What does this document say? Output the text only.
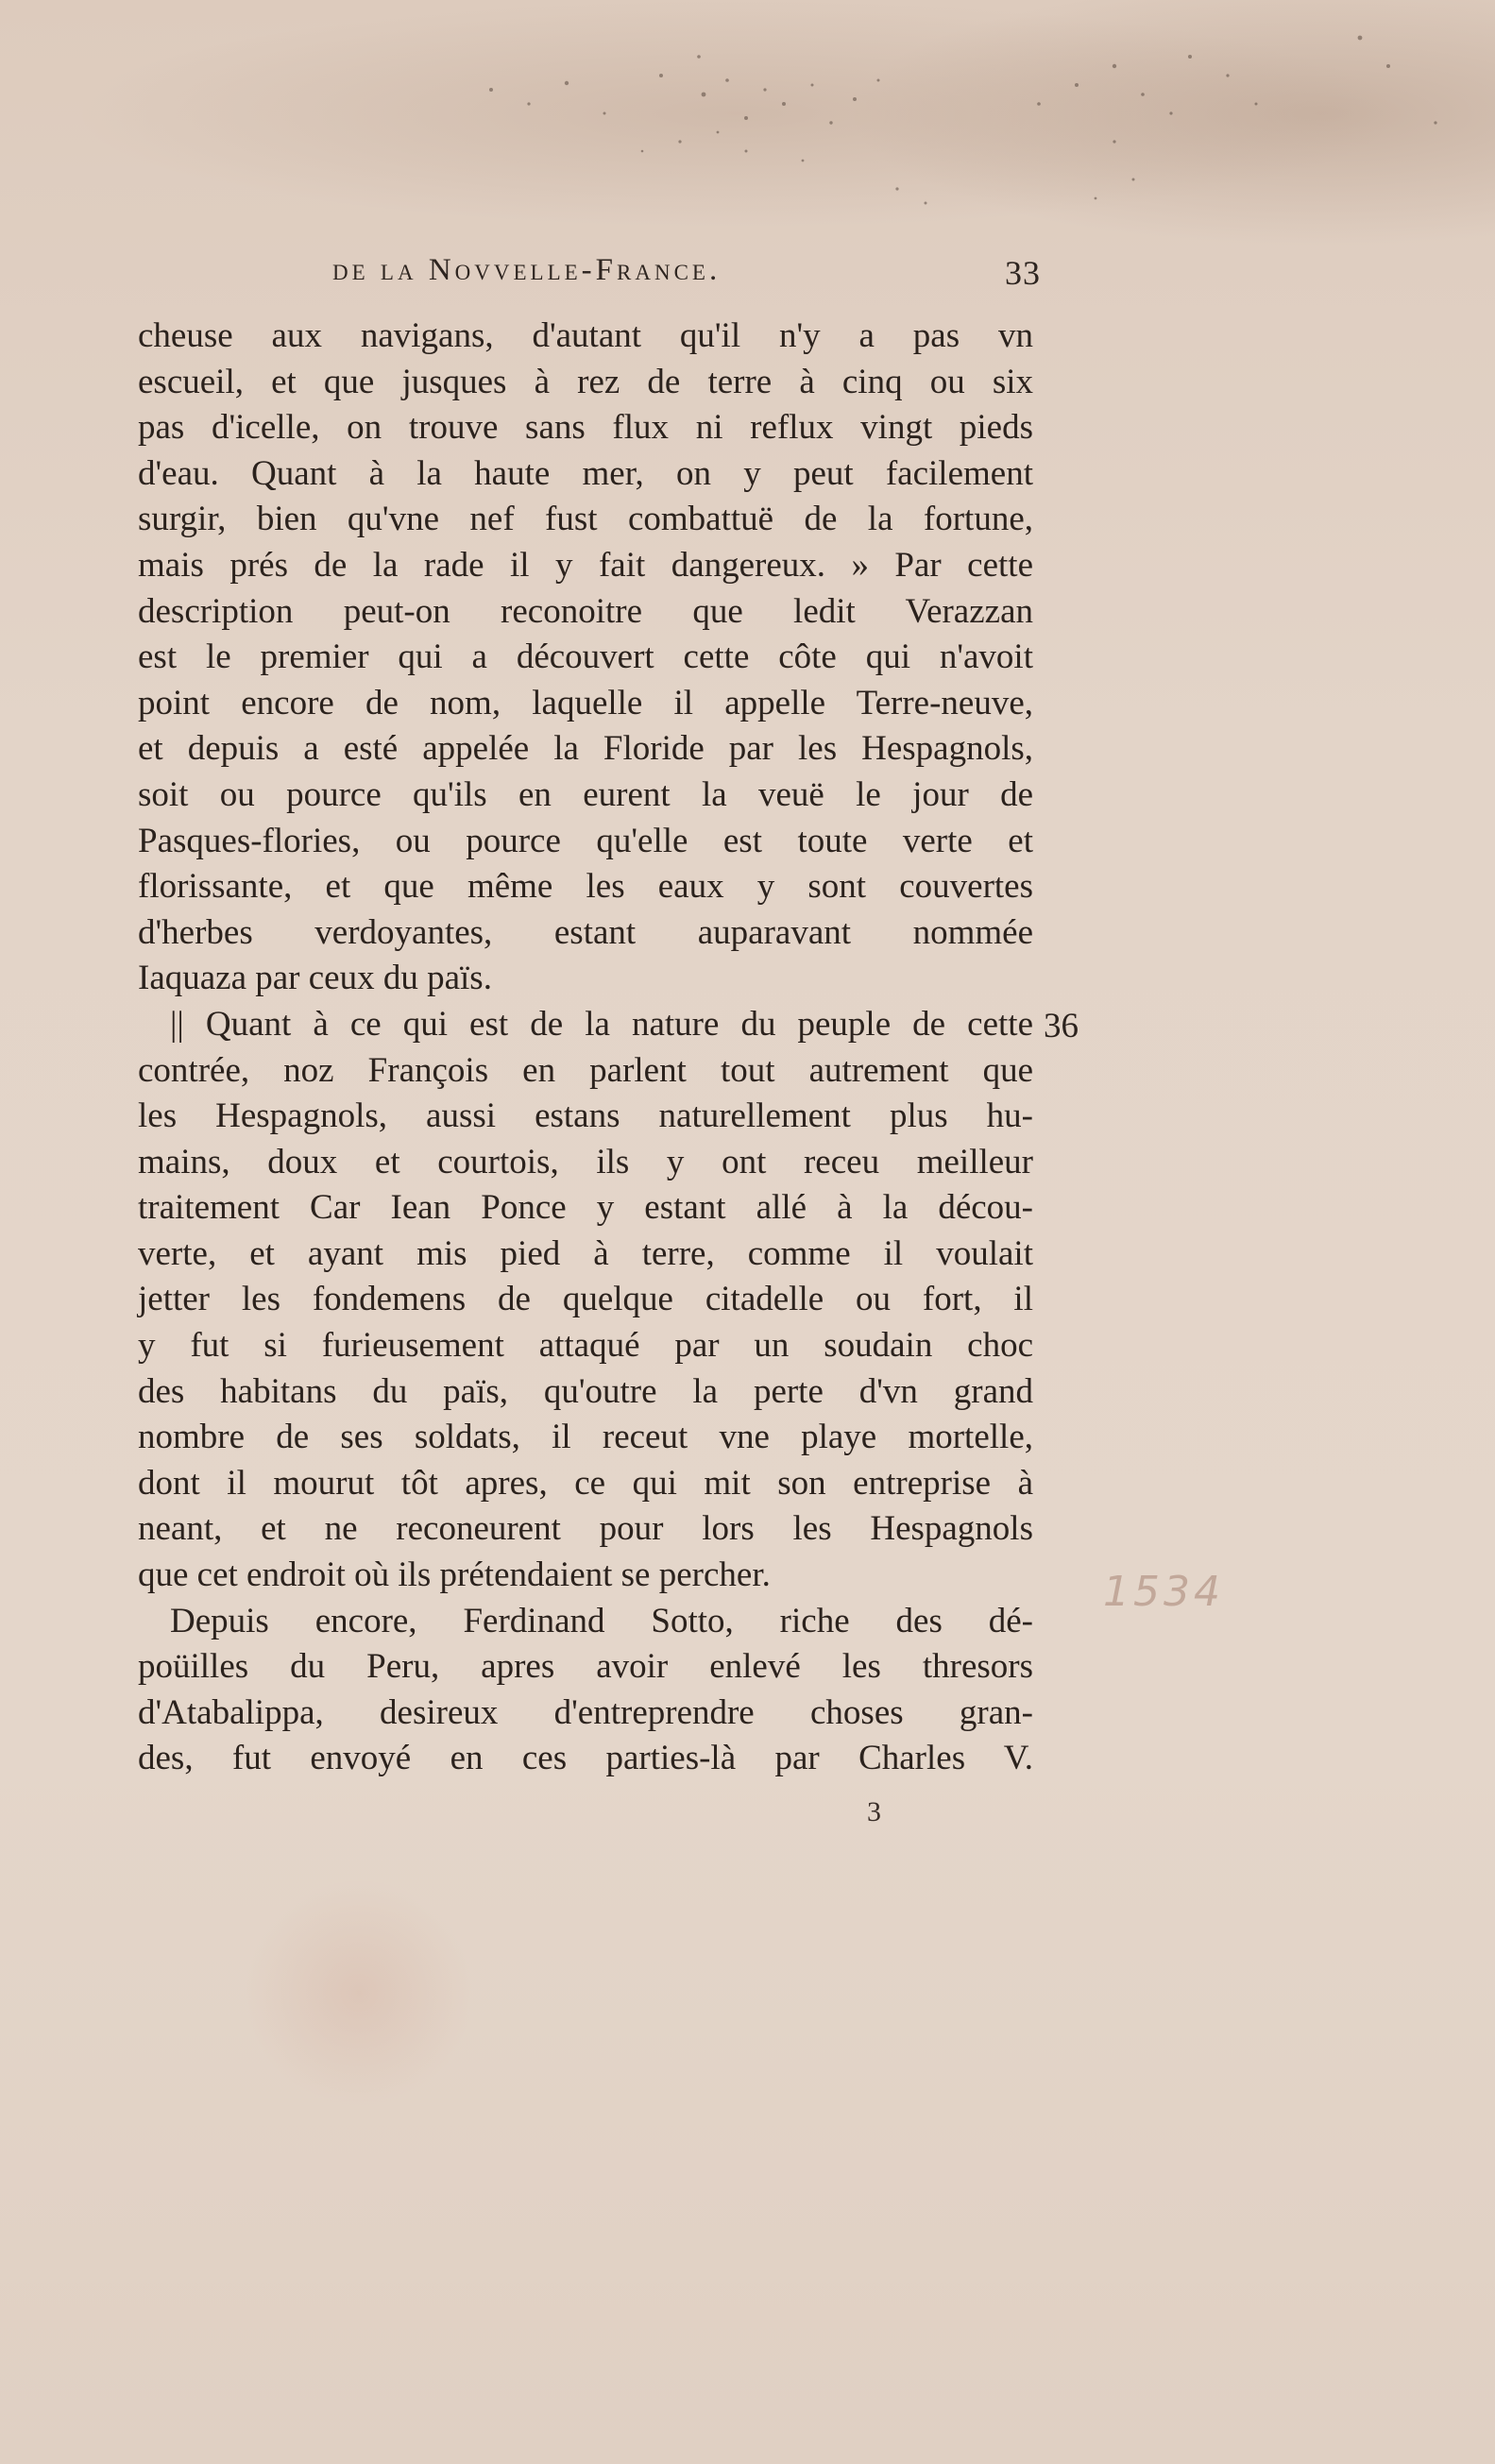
de la Novvelle-France.	33
cheuse aux navigans, d'autant qu'il n'y a pas vn
escueil, et que jusques à rez de terre à cinq ou six
pas d'icelle, on trouve sans flux ni reflux vingt pieds
d'eau. Quant à la haute mer, on y peut facilement
surgir, bien qu'vne nef fust combattuë de la fortune,
mais prés de la rade il y fait dangereux. » Par cette
description peut-on reconoitre que ledit Verazzan
est le premier qui a découvert cette côte qui n'avoit
point encore de nom, laquelle il appelle Terre-neuve,
et depuis a esté appelée la Floride par les Hespagnols,
soit ou pource qu'ils en eurent la veuë le jour de
Pasques-flories, ou pource qu'elle est toute verte et
florissante, et que même les eaux y sont couvertes
d'herbes verdoyantes, estant auparavant nommée
Iaquaza par ceux du païs.
|| Quant à ce qui est de la nature du peuple de cette
contrée, noz François en parlent tout autrement que
les Hespagnols, aussi estans naturellement plus hu-
mains, doux et courtois, ils y ont receu meilleur
traitement Car Iean Ponce y estant allé à la décou-
verte, et ayant mis pied à terre, comme il voulait
jetter les fondemens de quelque citadelle ou fort, il
y fut si furieusement attaqué par un soudain choc
des habitans du païs, qu'outre la perte d'vn grand
nombre de ses soldats, il receut vne playe mortelle,
dont il mourut tôt apres, ce qui mit son entreprise à
neant, et ne reconeurent pour lors les Hespagnols
que cet endroit où ils prétendaient se percher.
Depuis encore, Ferdinand Sotto, riche des dé-
poüilles du Peru, apres avoir enlevé les thresors
d'Atabalippa, desireux d'entreprendre choses gran-
des, fut envoyé en ces parties-là par Charles V.
36
1534
3
